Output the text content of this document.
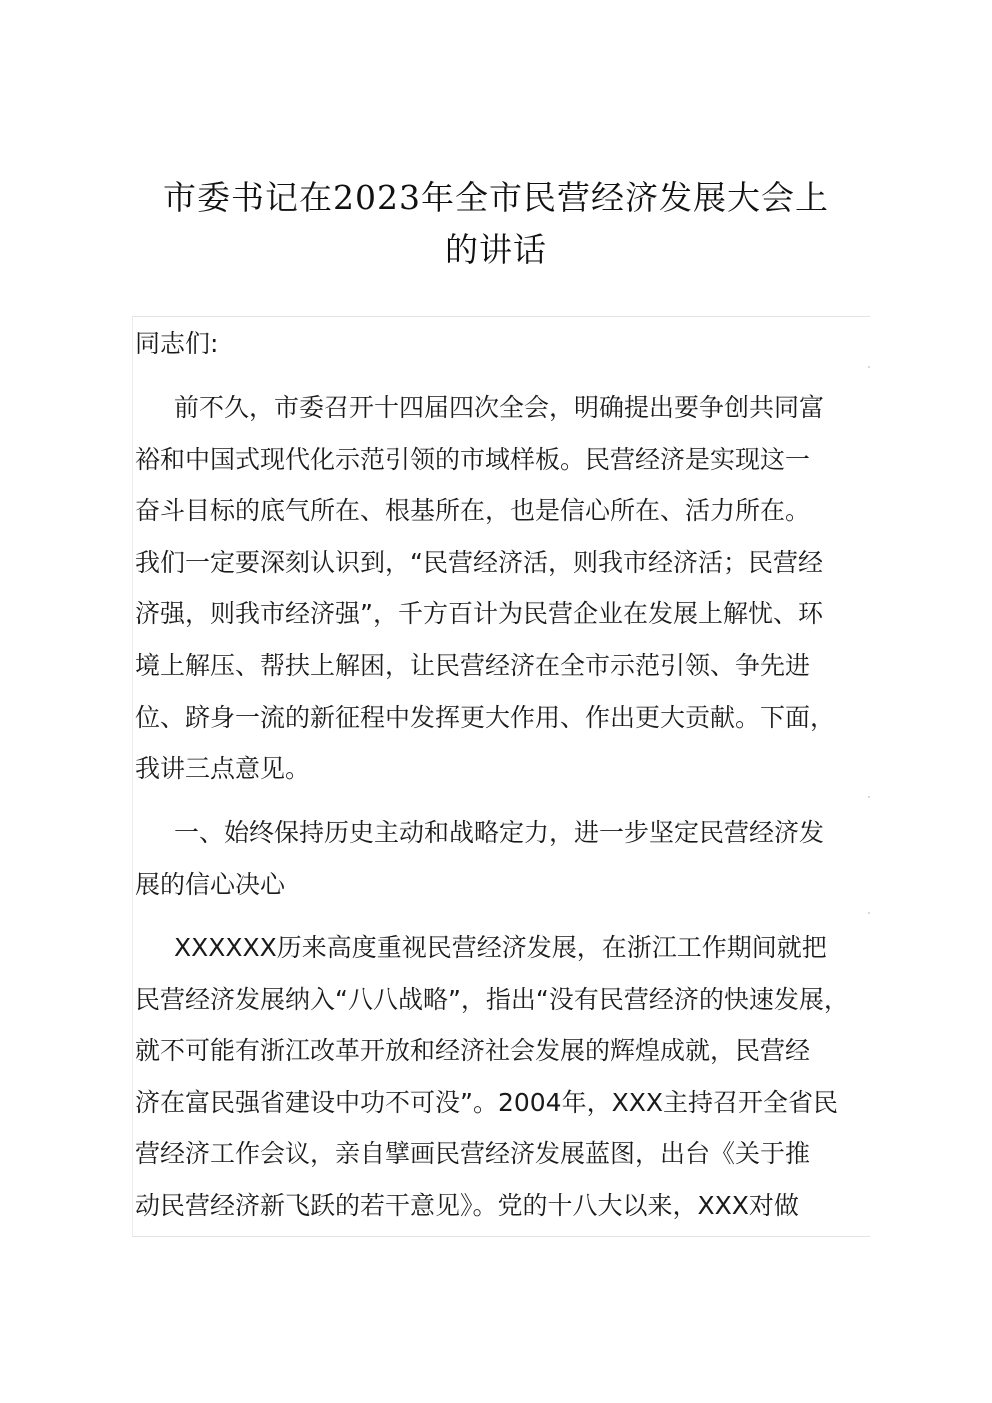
市委书记在2023年全市民营经济发展大会上
的讲话
同志们:
前不久，市委召开十四届四次全会，明确提出要争创共同富
裕和中国式现代化示范引领的市域样板。民营经济是实现这一
奋斗目标的底气所在、根基所在，也是信心所在、活力所在。
我们一定要深刻认识到，“民营经济活，则我市经济活；民营经
济强，则我市经济强”，千方百计为民营企业在发展上解忧、环
境上解压、帮扶上解困，让民营经济在全市示范引领、争先进
位、跻身一流的新征程中发挥更大作用、作出更大贡献。下面，
我讲三点意见。
一、始终保持历史主动和战略定力，进一步坚定民营经济发
展的信心决心
XXXXXX历来高度重视民营经济发展，在浙江工作期间就把
民营经济发展纳入“八八战略”，指出“没有民营经济的快速发展，
就不可能有浙江改革开放和经济社会发展的辉煌成就，民营经
济在富民强省建设中功不可没”。2004年，XXX主持召开全省民
营经济工作会议，亲自擘画民营经济发展蓝图，出台《关于推
动民营经济新飞跃的若干意见》。党的十八大以来，XXX对做
